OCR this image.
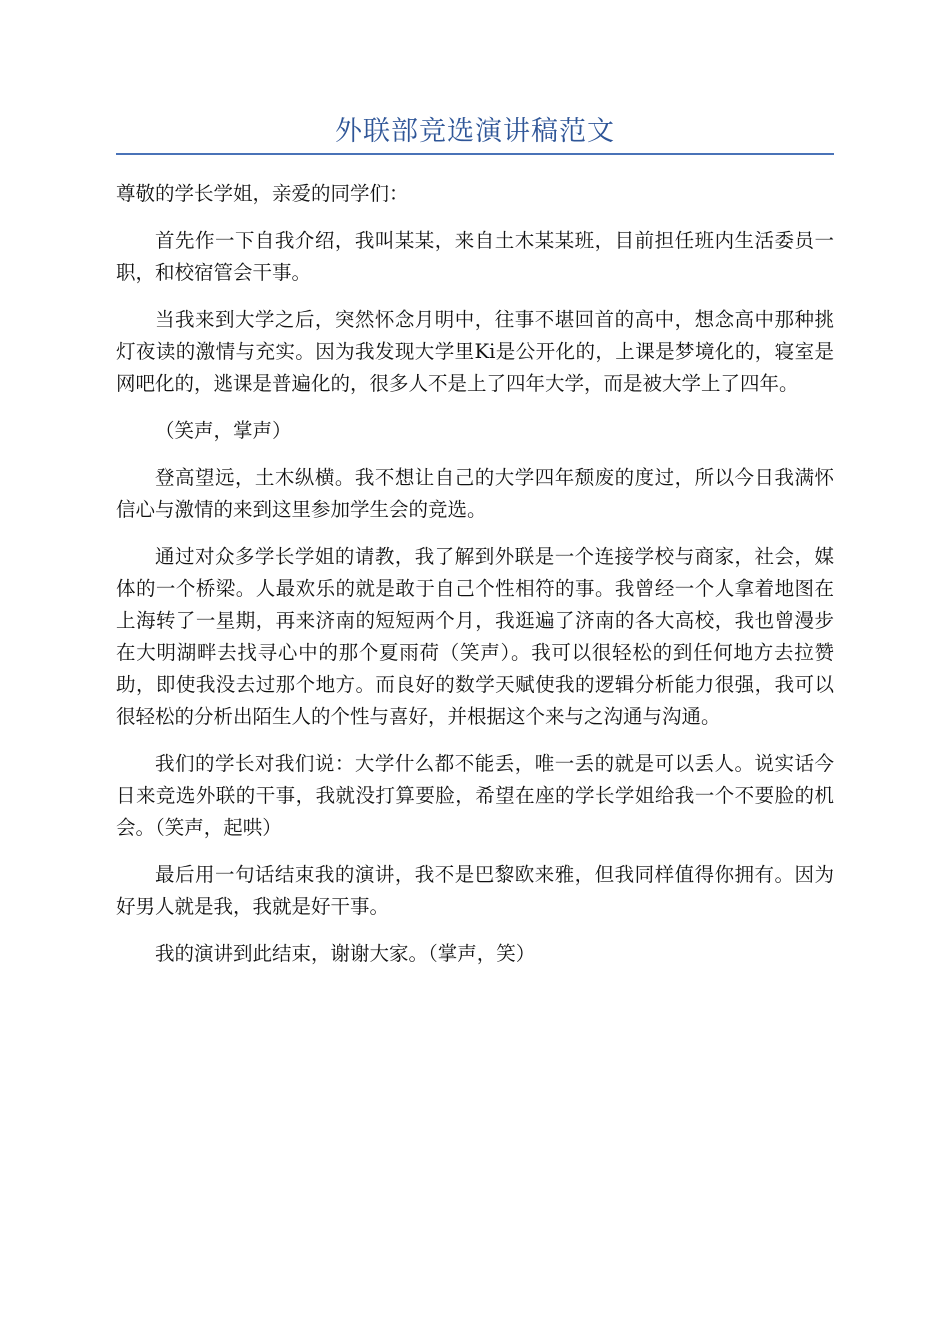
外联部竞选演讲稿范文

尊敬的学长学姐，亲爱的同学们：

首先作一下自我介绍，我叫某某，来自土木某某班，目前担任班内生活委员一职，和校宿管会干事。

当我来到大学之后，突然怀念月明中，往事不堪回首的高中，想念高中那种挑灯夜读的激情与充实。因为我发现大学里Ki是公开化的，上课是梦境化的，寝室是网吧化的，逃课是普遍化的，很多人不是上了四年大学，而是被大学上了四年。

（笑声，掌声）

登高望远，土木纵横。我不想让自己的大学四年颓废的度过，所以今日我满怀信心与激情的来到这里参加学生会的竞选。

通过对众多学长学姐的请教，我了解到外联是一个连接学校与商家，社会，媒体的一个桥梁。人最欢乐的就是敢于自己个性相符的事。我曾经一个人拿着地图在上海转了一星期，再来济南的短短两个月，我逛遍了济南的各大高校，我也曾漫步在大明湖畔去找寻心中的那个夏雨荷（笑声）。我可以很轻松的到任何地方去拉赞助，即使我没去过那个地方。而良好的数学天赋使我的逻辑分析能力很强，我可以很轻松的分析出陌生人的个性与喜好，并根据这个来与之沟通与沟通。

我们的学长对我们说：大学什么都不能丢，唯一丢的就是可以丢人。说实话今日来竞选外联的干事，我就没打算要脸，希望在座的学长学姐给我一个不要脸的机会。（笑声，起哄）

最后用一句话结束我的演讲，我不是巴黎欧来雅，但我同样值得你拥有。因为好男人就是我，我就是好干事。

我的演讲到此结束，谢谢大家。（掌声，笑）
